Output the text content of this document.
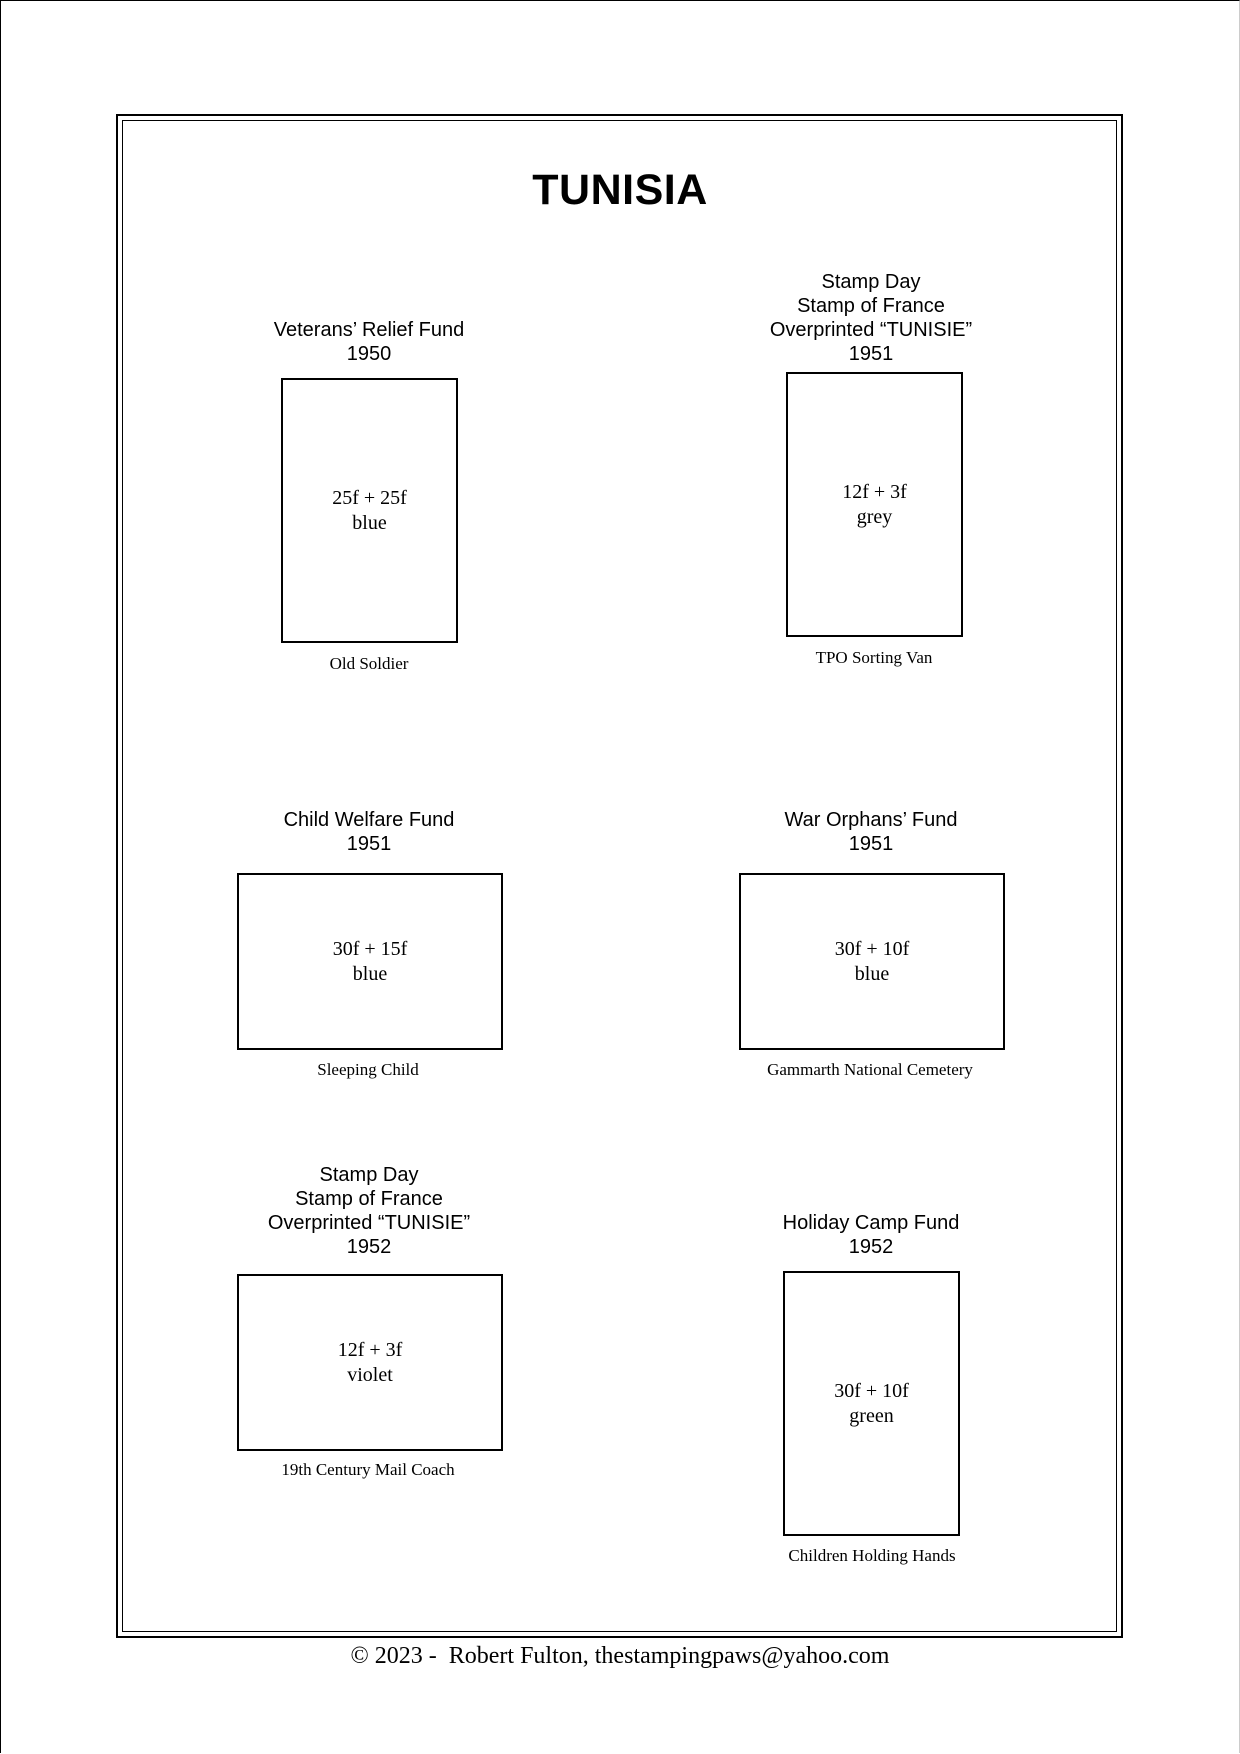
TUNISIA
Veterans’ Relief Fund
1950
25f + 25f
blue
Old Soldier
Stamp Day
Stamp of France
Overprinted “TUNISIE”
1951
12f + 3f
grey
TPO Sorting Van
Child Welfare Fund
1951
30f + 15f
blue
Sleeping Child
War Orphans’ Fund
1951
30f + 10f
blue
Gammarth National Cemetery
Stamp Day
Stamp of France
Overprinted “TUNISIE”
1952
12f + 3f
violet
19th Century Mail Coach
Holiday Camp Fund
1952
30f + 10f
green
Children Holding Hands
© 2023 -  Robert Fulton, thestampingpaws@yahoo.com
